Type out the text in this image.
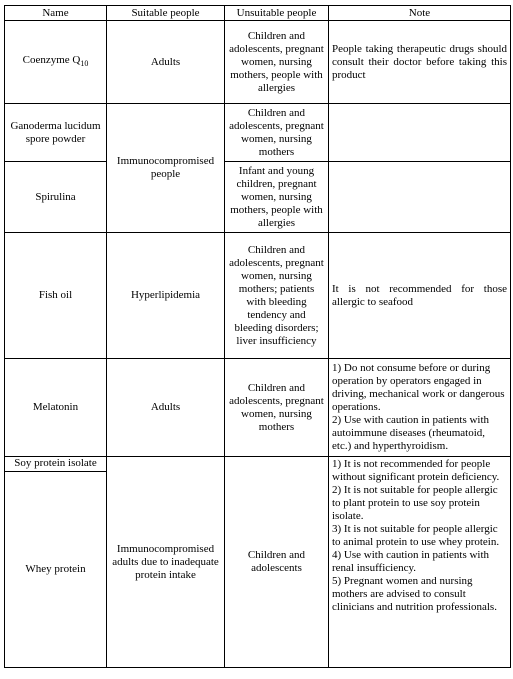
Name	Suitable people	Unsuitable people	Note
Coenzyme $Q_{10}$	Adults	Children and adolescents, pregnant women, nursing mothers, people with allergies	People taking therapeutic drugs should consult their doctor before taking this product
Ganoderma lucidum spore powder	Immunocompromised people	Children and adolescents, pregnant women, nursing mothers	
Spirulina		Infant and young children, pregnant women, nursing mothers, people with allergies	
Fish oil	Hyperlipidemia	Children and adolescents, pregnant women, nursing mothers; patients with bleeding tendency and bleeding disorders; liver insufficiency	It is not recommended for those allergic to seafood
Melatonin	Adults	Children and adolescents, pregnant women, nursing mothers	1) Do not consume before or during operation by operators engaged in driving, mechanical work or dangerous operations.
2) Use with caution in patients with autoimmune diseases (rheumatoid, etc.) and hyperthyroidism.

Soy protein isolate	Immunocompromised adults due to inadequate protein intake	Children and adolescents	1) It is not recommended for people without significant protein deficiency.
2) It is not suitable for people allergic to plant protein to use soy protein isolate.
3) It is not suitable for people allergic to animal protein to use whey protein.
4) Use with caution in patients with renal insufficiency.
5) Pregnant women and nursing mothers are advised to consult clinicians and nutrition professionals.

Whey protein			
